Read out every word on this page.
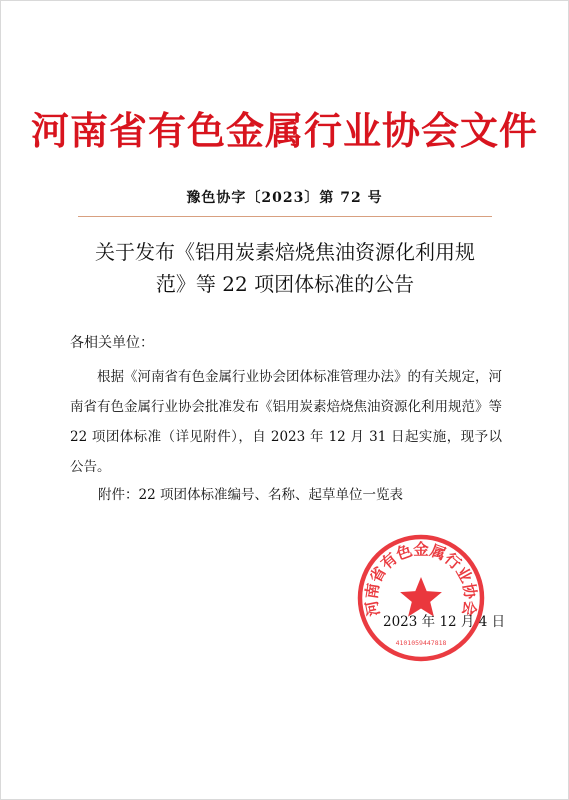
河南省有色金属行业协会文件
豫色协字〔2023〕第 72 号
关于发布《铝用炭素焙烧焦油资源化利用规
范》等 22 项团体标准的公告
各相关单位：
根据《河南省有色金属行业协会团体标准管理办法》的有关规定，河南省有色金属行业协会批准发布《铝用炭素焙烧焦油资源化利用规范》等 22 项团体标准（详见附件），自 2023 年 12 月 31 日起实施，现予以公告。
附件：22 项团体标准编号、名称、起草单位一览表
河南省有色金属行业协会
4101059447818
2023 年 12 月 4 日
